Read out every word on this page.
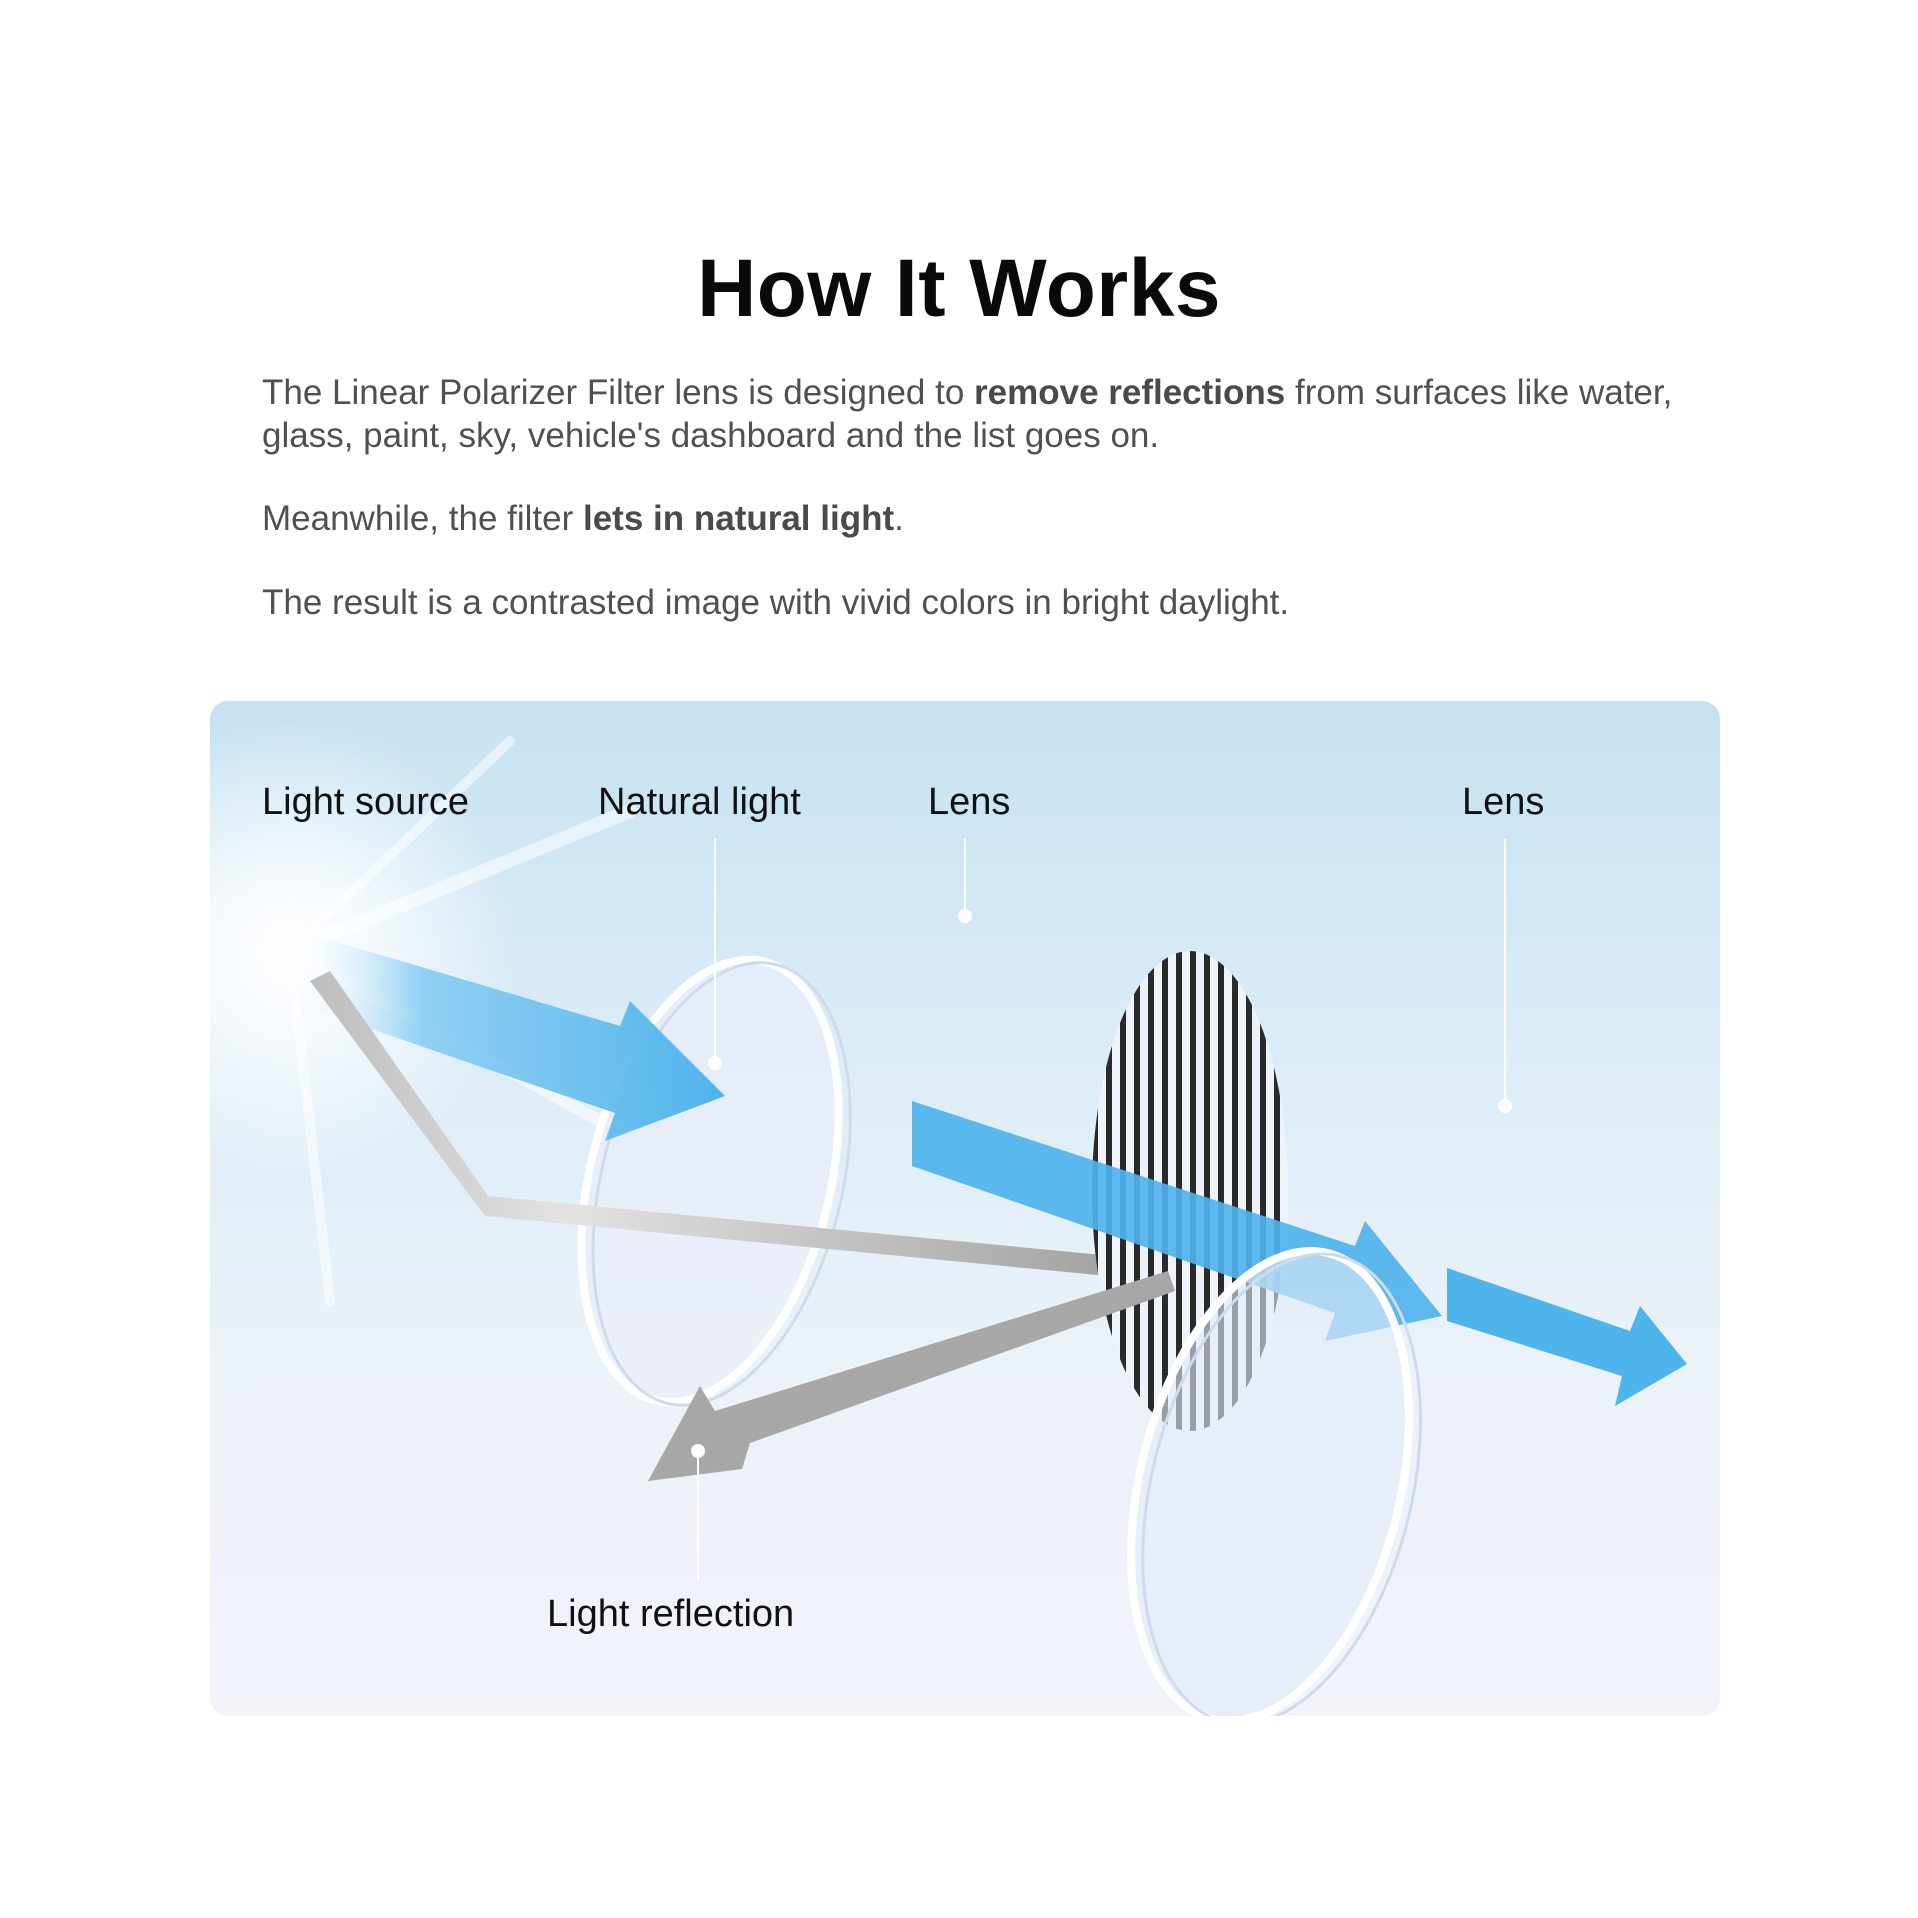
How It Works

The Linear Polarizer Filter lens is designed to remove reflections from surfaces like water, glass, paint, sky, vehicle's dashboard and the list goes on.

Meanwhile, the filter lets in natural light.

The result is a contrasted image with vivid colors in bright daylight.

Light source	Natural light	Lens	Lens
Light reflection
